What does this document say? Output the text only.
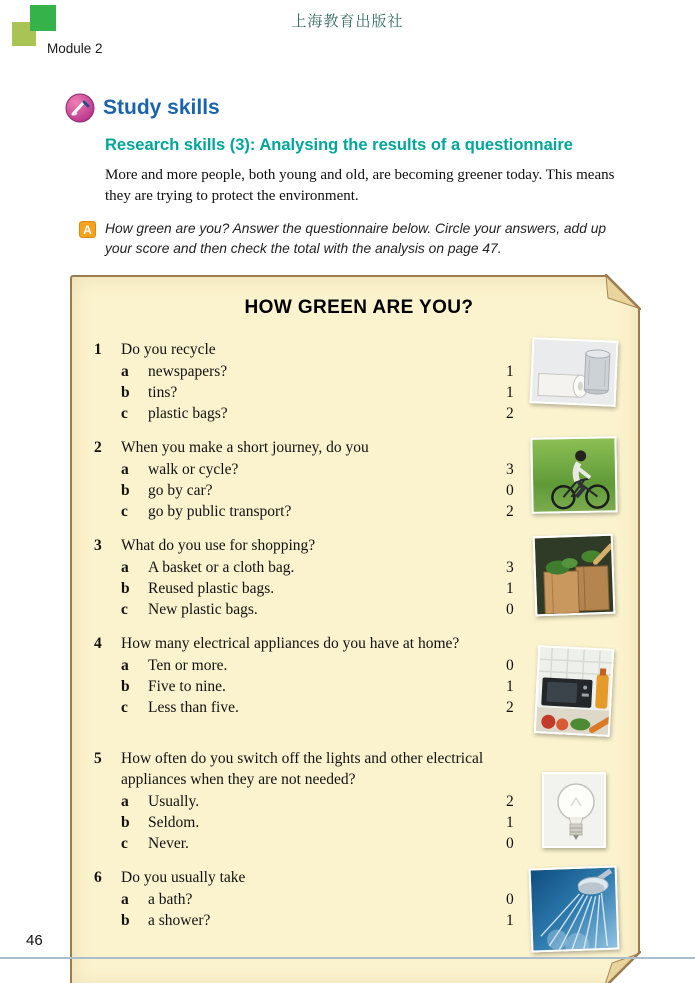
上海教育出版社
Module 2
Study skills
Research skills (3): Analysing the results of a questionnaire

More and more people, both young and old, are becoming greener today. This means they are trying to protect the environment.

A How green are you? Answer the questionnaire below. Circle your answers, add up your score and then check the total with the analysis on page 47.

HOW GREEN ARE YOU?
1	Do you recycle
a	newspapers?	1
b	tins?	1
c	plastic bags?	2
2	When you make a short journey, do you
a	walk or cycle?	3
b	go by car?	0
c	go by public transport?	2
3	What do you use for shopping?
a	A basket or a cloth bag.	3
b	Reused plastic bags.	1
c	New plastic bags.	0
4	How many electrical appliances do you have at home?
a	Ten or more.	0
b	Five to nine.	1
c	Less than five.	2
5	How often do you switch off the lights and other electrical appliances when they are not needed?
a	Usually.	2
b	Seldom.	1
c	Never.	0
6	Do you usually take
a	a bath?	0
b	a shower?	1
46
